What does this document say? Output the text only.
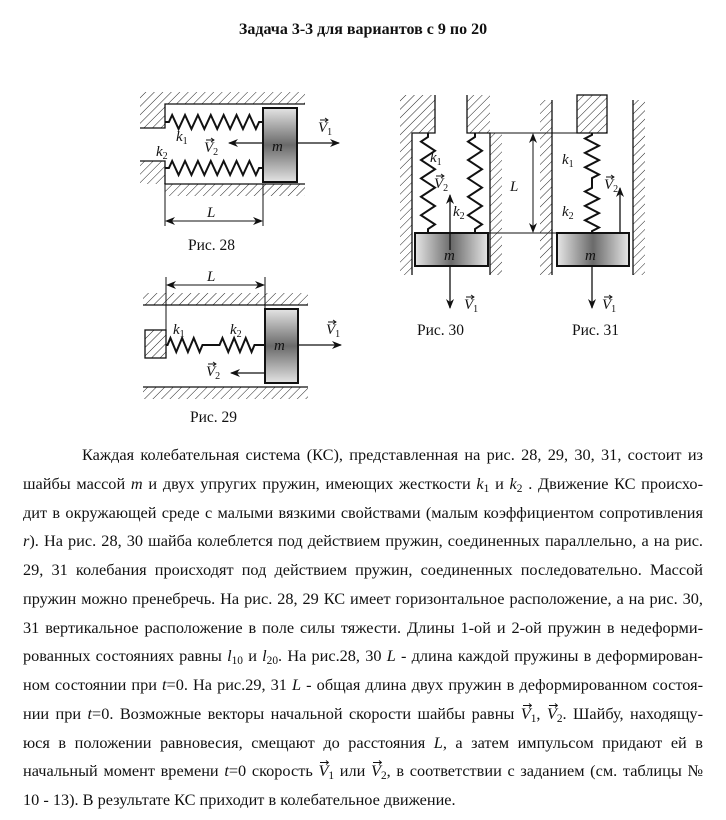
Задача 3-3 для вариантов с 9 по 20
$k_1$
$k_2$
m
$V_1$
$V_2$
L
Рис. 28
$k_1$	$k_2$
m
$V_1$
$V_2$
L
Рис. 29
$k_1$
$k_2$
m
$V_1$
$V_2$	L
Рис. 30
$k_1$
$k_2$
m
$V_1$
$V_2$
Рис. 31
Каждая колебательная система (КС), представленная на рис. 28, 29, 30, 31, состоит из
шайбы массой m и двух упругих пружин, имеющих жесткости $k_1$ и $k_2$ . Движение КС происхо-
дит в окружающей среде с малыми вязкими свойствами (малым коэффициентом сопротивления
r). На рис. 28, 30 шайба колеблется под действием пружин, соединенных параллельно, а на рис.
29, 31 колебания происходят под действием пружин, соединенных последовательно. Массой
пружин можно пренебречь. На рис. 28, 29 КС имеет горизонтальное расположение, а на рис. 30,
31 вертикальное расположение в поле силы тяжести. Длины 1-ой и 2-ой пружин в недеформи-
рованных состояниях равны $l_{10}$ и $l_{20}$. На рис.28, 30 L - длина каждой пружины в деформирован-
ном состоянии при t=0. На рис.29, 31 L - общая длина двух пружин в деформированном состоя-
нии при t=0. Возможные векторы начальной скорости шайбы равны V
$_1$, V
$_2$. Шайбу, находящу-
юся в положении равновесия, смещают до расстояния L, а затем импульсом придают ей в
начальный момент времени t=0 скорость V
$_1$ или V
$_2$, в соответствии с заданием (см. таблицы №
10 - 13). В результате КС приходит в колебательное движение.
